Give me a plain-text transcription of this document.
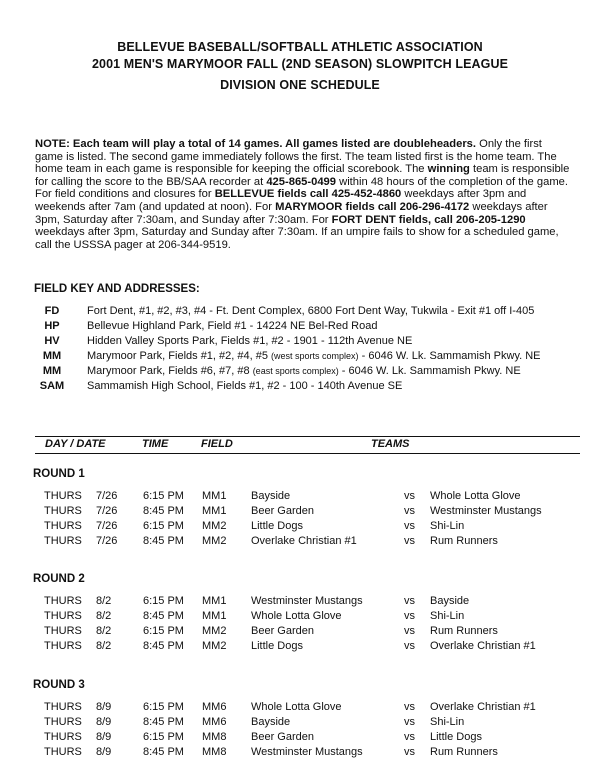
BELLEVUE BASEBALL/SOFTBALL ATHLETIC ASSOCIATION
2001 MEN'S MARYMOOR FALL (2ND SEASON) SLOWPITCH LEAGUE
DIVISION ONE SCHEDULE
NOTE: Each team will play a total of 14 games. All games listed are doubleheaders. Only the first game is listed. The second game immediately follows the first. The team listed first is the home team. The home team in each game is responsible for keeping the official scorebook. The winning team is responsible for calling the score to the BB/SAA recorder at 425-865-0499 within 48 hours of the completion of the game. For field conditions and closures for BELLEVUE fields call 425-452-4860 weekdays after 3pm and weekends after 7am (and updated at noon). For MARYMOOR fields call 206-296-4172 weekdays after 3pm, Saturday after 7:30am, and Sunday after 7:30am. For FORT DENT fields, call 206-205-1290 weekdays after 3pm, Saturday and Sunday after 7:30am. If an umpire fails to show for a scheduled game, call the USSSA pager at 206-344-9519.
FIELD KEY AND ADDRESSES:
FD	Fort Dent, #1, #2, #3, #4 - Ft. Dent Complex, 6800 Fort Dent Way, Tukwila - Exit #1 off I-405
HP	Bellevue Highland Park, Field #1 - 14224 NE Bel-Red Road
HV	Hidden Valley Sports Park, Fields #1, #2 - 1901 - 112th Avenue NE
MM	Marymoor Park, Fields #1, #2, #4, #5 (west sports complex) - 6046 W. Lk. Sammamish Pkwy. NE
MM	Marymoor Park, Fields #6, #7, #8 (east sports complex) - 6046 W. Lk. Sammamish Pkwy. NE
SAM	Sammamish High School, Fields #1, #2 - 100 - 140th Avenue SE
DAY / DATE	TIME	FIELD	TEAMS
ROUND 1
THURS 7/26 6:15 PM MM1 Bayside	vs Whole Lotta Glove
THURS 7/26 8:45 PM MM1 Beer Garden	vs Westminster Mustangs
THURS 7/26 6:15 PM MM2 Little Dogs	vs Shi-Lin
THURS 7/26 8:45 PM MM2 Overlake Christian #1	vs Rum Runners
ROUND 2
THURS 8/2	6:15 PM MM1 Westminster Mustangs	vs Bayside
THURS 8/2	8:45 PM MM1 Whole Lotta Glove	vs Shi-Lin
THURS 8/2	6:15 PM MM2 Beer Garden	vs Rum Runners
THURS 8/2	8:45 PM MM2 Little Dogs	vs Overlake Christian #1
ROUND 3
THURS 8/9	6:15 PM MM6 Whole Lotta Glove	vs Overlake Christian #1
THURS 8/9	8:45 PM MM6 Bayside	vs Shi-Lin
THURS 8/9	6:15 PM MM8 Beer Garden	vs Little Dogs
THURS 8/9	8:45 PM MM8 Westminster Mustangs	vs Rum Runners
